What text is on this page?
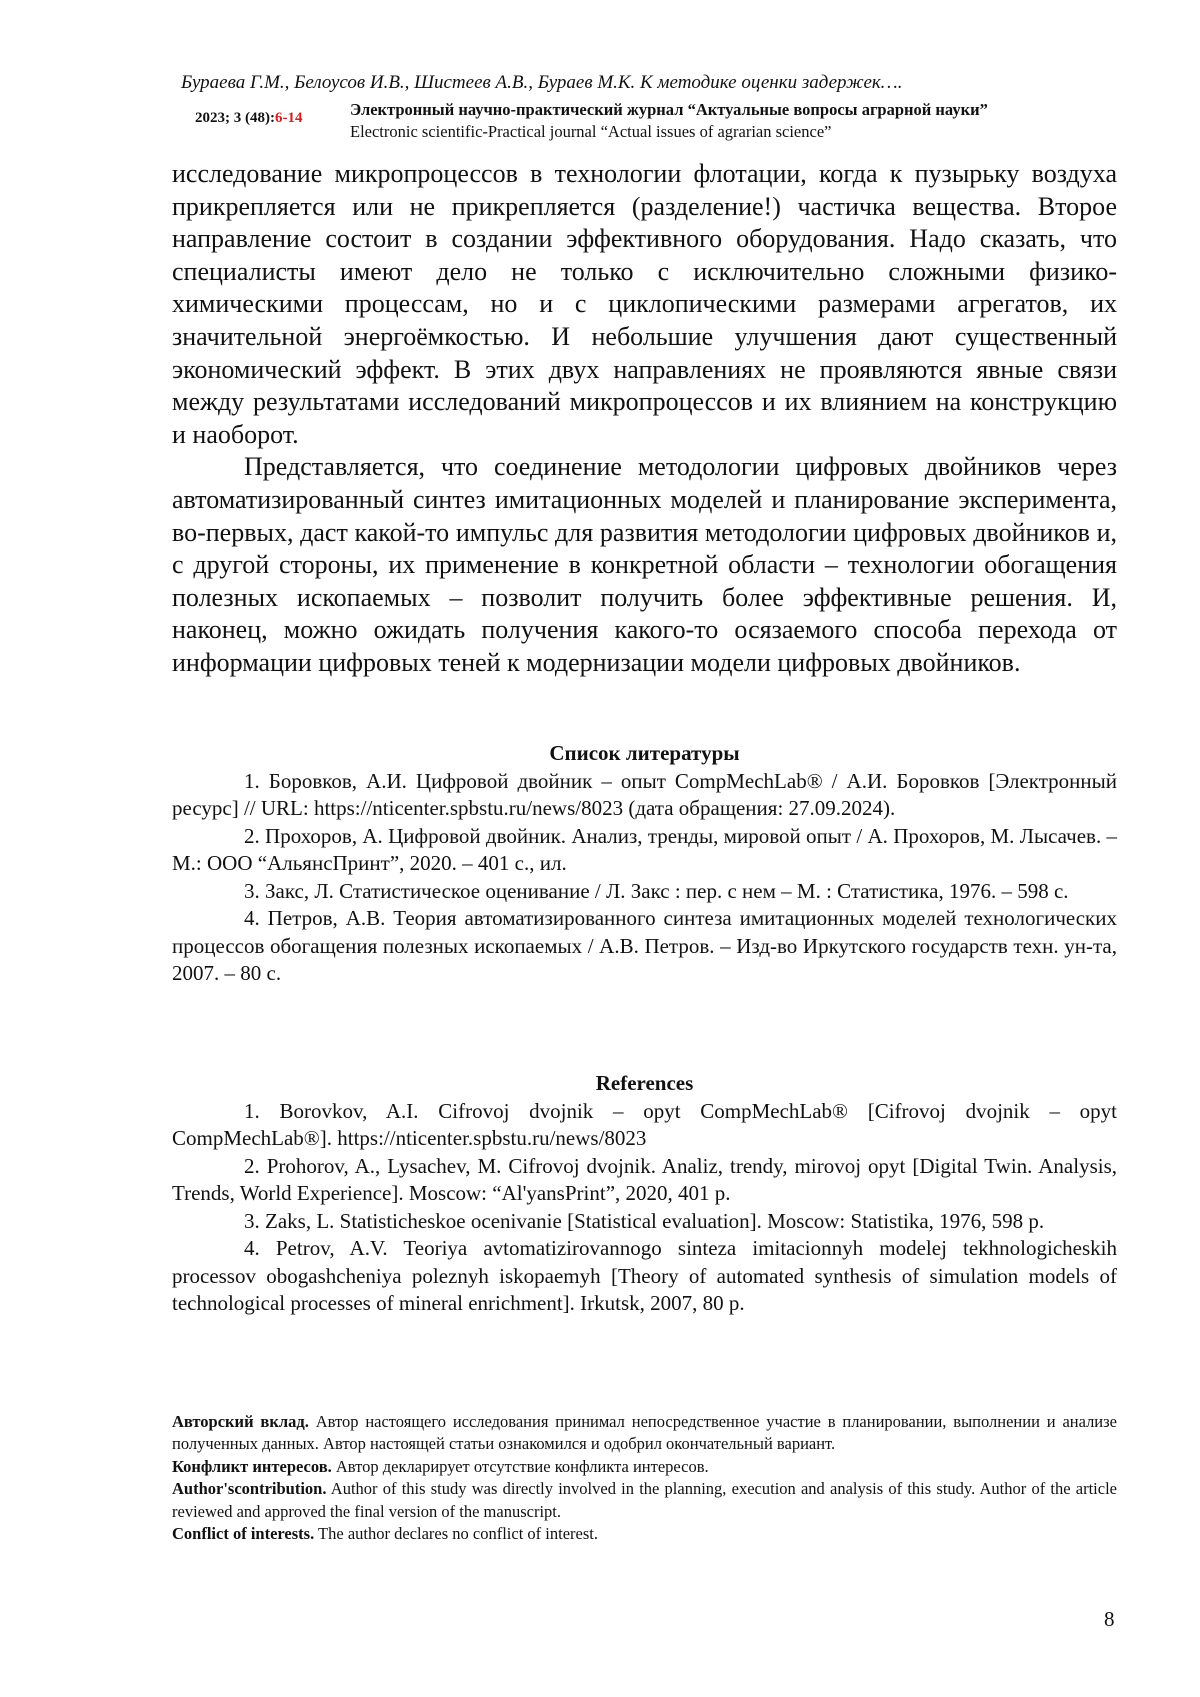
Бураева Г.М., Белоусов И.В., Шистеев А.В., Бураев М.К. К методике оценки задержек….
2023; 3 (48):6-14	Электронный научно-практический журнал “Актуальные вопросы аграрной науки”
Electronic scientific-Practical journal “Actual issues of agrarian science”

исследование микропроцессов в технологии флотации, когда к пузырьку воздуха прикрепляется или не прикрепляется (разделение!) частичка вещества. Второе направление состоит в создании эффективного оборудования. Надо сказать, что специалисты имеют дело не только с исключительно сложными физико-химическими процессам, но и с циклопическими размерами агрегатов, их значительной энергоёмкостью. И небольшие улучшения дают существенный экономический эффект. В этих двух направлениях не проявляются явные связи между результатами исследований микропроцессов и их влиянием на конструкцию и наоборот.

Представляется, что соединение методологии цифровых двойников через автоматизированный синтез имитационных моделей и планирование эксперимента, во-первых, даст какой-то импульс для развития методологии цифровых двойников и, с другой стороны, их применение в конкретной области – технологии обогащения полезных ископаемых – позволит получить более эффективные решения. И, наконец, можно ожидать получения какого-то осязаемого способа перехода от информации цифровых теней к модернизации модели цифровых двойников.

Список литературы

1. Боровков, А.И. Цифровой двойник – опыт CompMechLab® / А.И. Боровков [Электронный ресурс] // URL: https://nticenter.spbstu.ru/news/8023 (дата обращения: 27.09.2024).

2. Прохоров, А. Цифровой двойник. Анализ, тренды, мировой опыт / А. Прохоров, М. Лысачев. – М.: ООО “АльянсПринт”, 2020. – 401 с., ил.

3. Закс, Л. Статистическое оценивание / Л. Закс : пер. с нем – М. : Статистика, 1976. – 598 с.

4. Петров, А.В. Теория автоматизированного синтеза имитационных моделей технологических процессов обогащения полезных ископаемых / А.В. Петров. – Изд-во Иркутского государств техн. ун-та, 2007. – 80 с.

References

1. Borovkov, A.I. Cifrovoj dvojnik – opyt CompMechLab® [Cifrovoj dvojnik – opyt CompMechLab®]. https://nticenter.spbstu.ru/news/8023

2. Prohorov, A., Lysachev, M. Cifrovoj dvojnik. Analiz, trendy, mirovoj opyt [Digital Twin. Analysis, Trends, World Experience]. Moscow: “Al'yansPrint”, 2020, 401 p.

3. Zaks, L. Statisticheskoe ocenivanie [Statistical evaluation]. Moscow: Statistika, 1976, 598 p.

4. Petrov, A.V. Teoriya avtomatizirovannogo sinteza imitacionnyh modelej tekhnologicheskih processov obogashcheniya poleznyh iskopaemyh [Theory of automated synthesis of simulation models of technological processes of mineral enrichment]. Irkutsk, 2007, 80 p.

Авторский вклад. Автор настоящего исследования принимал непосредственное участие в планировании, выполнении и анализе полученных данных. Автор настоящей статьи ознакомился и одобрил окончательный вариант.

Конфликт интересов. Автор декларирует отсутствие конфликта интересов.

Author'scontribution. Author of this study was directly involved in the planning, execution and analysis of this study. Author of the article reviewed and approved the final version of the manuscript.

Conflict of interests. The author declares no conflict of interest.

8
